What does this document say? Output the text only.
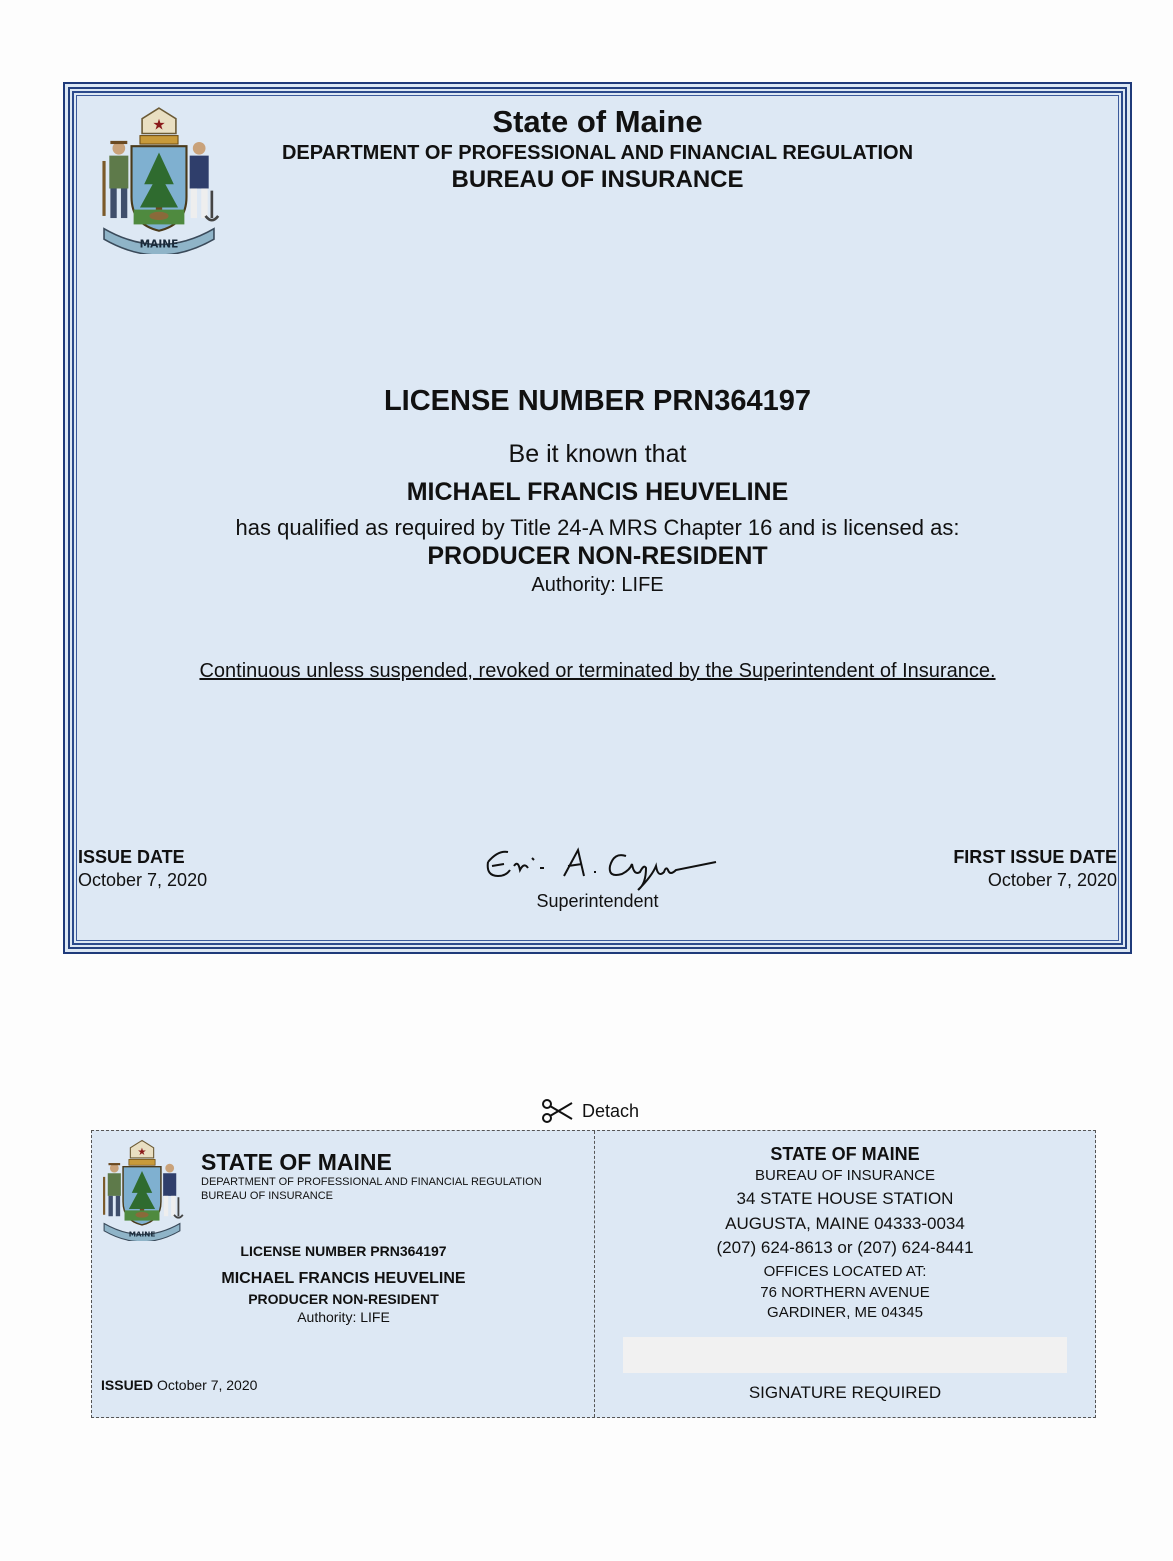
★
MAINE
State of Maine
DEPARTMENT OF PROFESSIONAL AND FINANCIAL REGULATION
BUREAU OF INSURANCE
LICENSE NUMBER PRN364197
Be it known that
MICHAEL FRANCIS HEUVELINE
has qualified as required by Title 24-A MRS Chapter 16 and is licensed as:
PRODUCER NON-RESIDENT
Authority: LIFE
Continuous unless suspended, revoked or terminated by the Superintendent of Insurance.
ISSUE DATE
October 7, 2020
Superintendent
FIRST ISSUE DATE
October 7, 2020
Detach
★
MAINE
STATE OF MAINE
DEPARTMENT OF PROFESSIONAL AND FINANCIAL REGULATION
BUREAU OF INSURANCE
LICENSE NUMBER PRN364197
MICHAEL FRANCIS HEUVELINE
PRODUCER NON-RESIDENT
Authority: LIFE
ISSUED October 7, 2020
STATE OF MAINE
BUREAU OF INSURANCE
34 STATE HOUSE STATION
AUGUSTA, MAINE 04333-0034
(207) 624-8613 or (207) 624-8441
OFFICES LOCATED AT:
76 NORTHERN AVENUE
GARDINER, ME 04345
SIGNATURE REQUIRED
